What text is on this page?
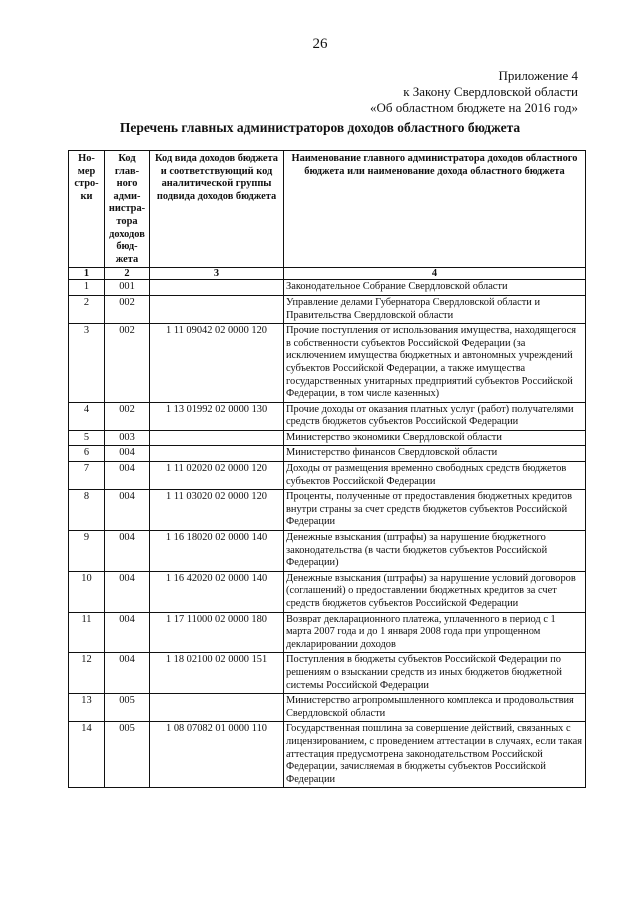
26
Приложение 4
к Закону Свердловской области
«Об областном бюджете на 2016 год»
Перечень главных администраторов доходов областного бюджета
Но-мер стро-ки	Код глав-ного адми-нистра-тора доходов бюд-жета	Код вида доходов бюджета и соответствующий код аналитической группы подвида доходов бюджета	Наименование главного администратора доходов областного бюджета или наименование дохода областного бюджета
1	2	3	4
1	001		Законодательное Собрание Свердловской области
2	002		Управление делами Губернатора Свердловской области и Правительства Свердловской области
3	002	1 11 09042 02 0000 120	Прочие поступления от использования имущества, находящегося в собственности субъектов Российской Федерации (за исключением имущества бюджетных и автономных учреждений субъектов Российской Федерации, а также имущества государственных унитарных предприятий субъектов Российской Федерации, в том числе казенных)
4	002	1 13 01992 02 0000 130	Прочие доходы от оказания платных услуг (работ) получателями средств бюджетов субъектов Российской Федерации
5	003		Министерство экономики Свердловской области
6	004		Министерство финансов Свердловской области
7	004	1 11 02020 02 0000 120	Доходы от размещения временно свободных средств бюджетов субъектов Российской Федерации
8	004	1 11 03020 02 0000 120	Проценты, полученные от предоставления бюджетных кредитов внутри страны за счет средств бюджетов субъектов Российской Федерации
9	004	1 16 18020 02 0000 140	Денежные взыскания (штрафы) за нарушение бюджетного законодательства (в части бюджетов субъектов Российской Федерации)
10	004	1 16 42020 02 0000 140	Денежные взыскания (штрафы) за нарушение условий договоров (соглашений) о предоставлении бюджетных кредитов за счет средств бюджетов субъектов Российской Федерации
11	004	1 17 11000 02 0000 180	Возврат декларационного платежа, уплаченного в период с 1 марта 2007 года и до 1 января 2008 года при упрощенном декларировании доходов
12	004	1 18 02100 02 0000 151	Поступления в бюджеты субъектов Российской Федерации по решениям о взыскании средств из иных бюджетов бюджетной системы Российской Федерации
13	005		Министерство агропромышленного комплекса и продовольствия Свердловской области
14	005	1 08 07082 01 0000 110	Государственная пошлина за совершение действий, связанных с лицензированием, с проведением аттестации в случаях, если такая аттестация предусмотрена законодательством Российской Федерации, зачисляемая в бюджеты субъектов Российской Федерации
